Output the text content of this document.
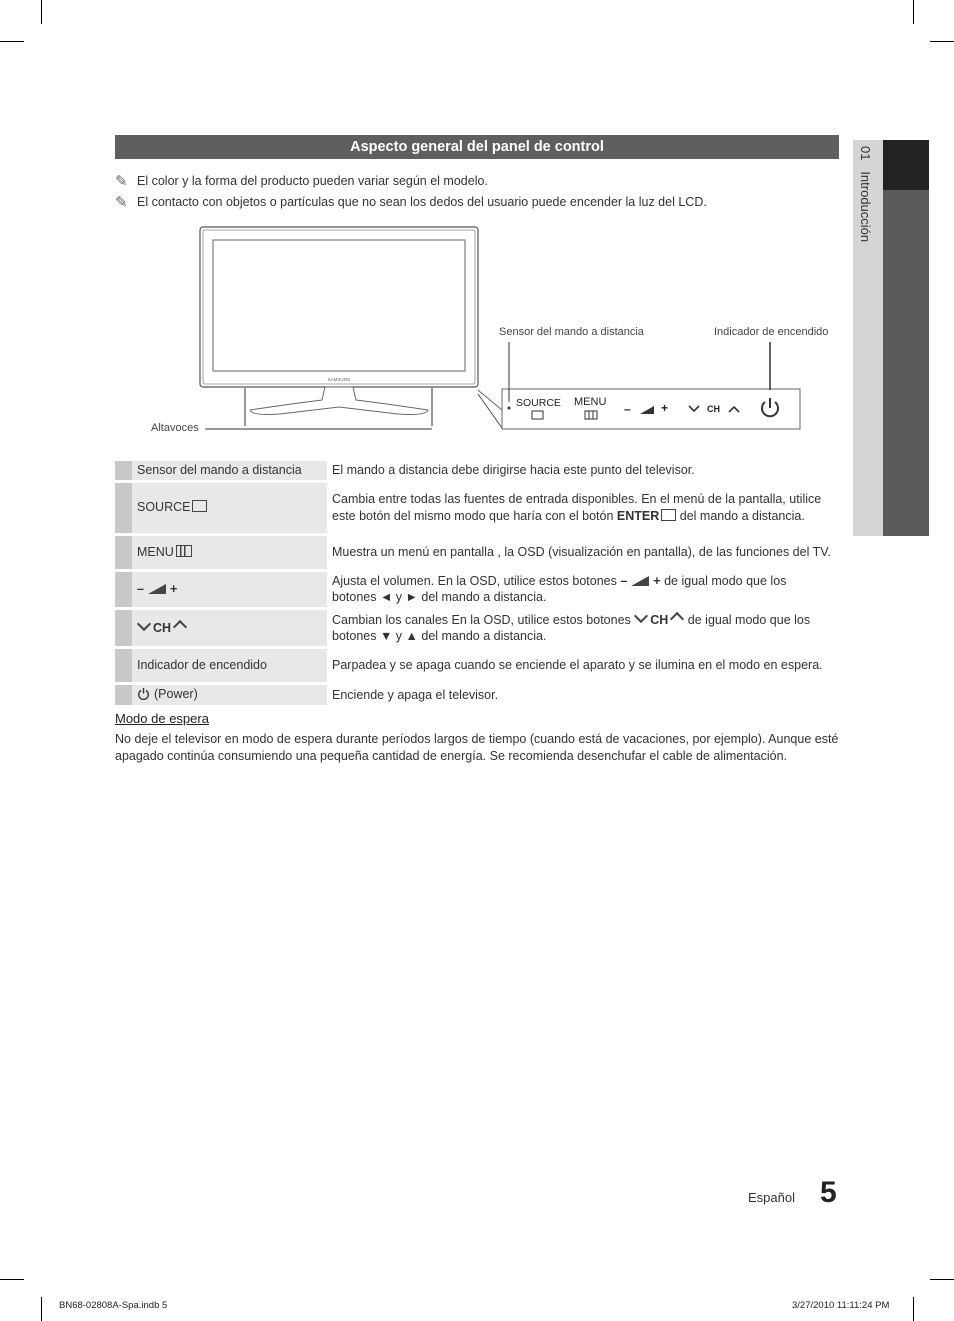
01   Introducción
Aspecto general del panel de control
✎ El color y la forma del producto pueden variar según el modelo.
✎ El contacto con objetos o partículas que no sean los dedos del usuario puede encender la luz del LCD.
SAMSUNG
Altavoces
Sensor del mando a distancia	Indicador de encendido
SOURCE MENU –	+	CH
	Sensor del mando a distancia	El mando a distancia debe dirigirse hacia este punto del televisor.
	SOURCE	Cambia entre todas las fuentes de entrada disponibles. En el menú de la pantalla, utilice este botón del mismo modo que haría con el botón ENTER del mando a distancia.
	MENU	Muestra un menú en pantalla , la OSD (visualización en pantalla), de las funciones del TV.
	– +	Ajusta el volumen. En la OSD, utilice estos botones – + de igual modo que los botones ◄ y ► del mando a distancia.
	CH	Cambian los canales En la OSD, utilice estos botones CH de igual modo que los botones ▼ y ▲ del mando a distancia.
	Indicador de encendido	Parpadea y se apaga cuando se enciende el aparato y se ilumina en el modo en espera.
	(Power)	Enciende y apaga el televisor.
Modo de espera
No deje el televisor en modo de espera durante períodos largos de tiempo (cuando está de vacaciones, por ejemplo). Aunque esté apagado continúa consumiendo una pequeña cantidad de energía. Se recomienda desenchufar el cable de alimentación.
Español 5
BN68-02808A-Spa.indb 5	3/27/2010 11:11:24 PM
